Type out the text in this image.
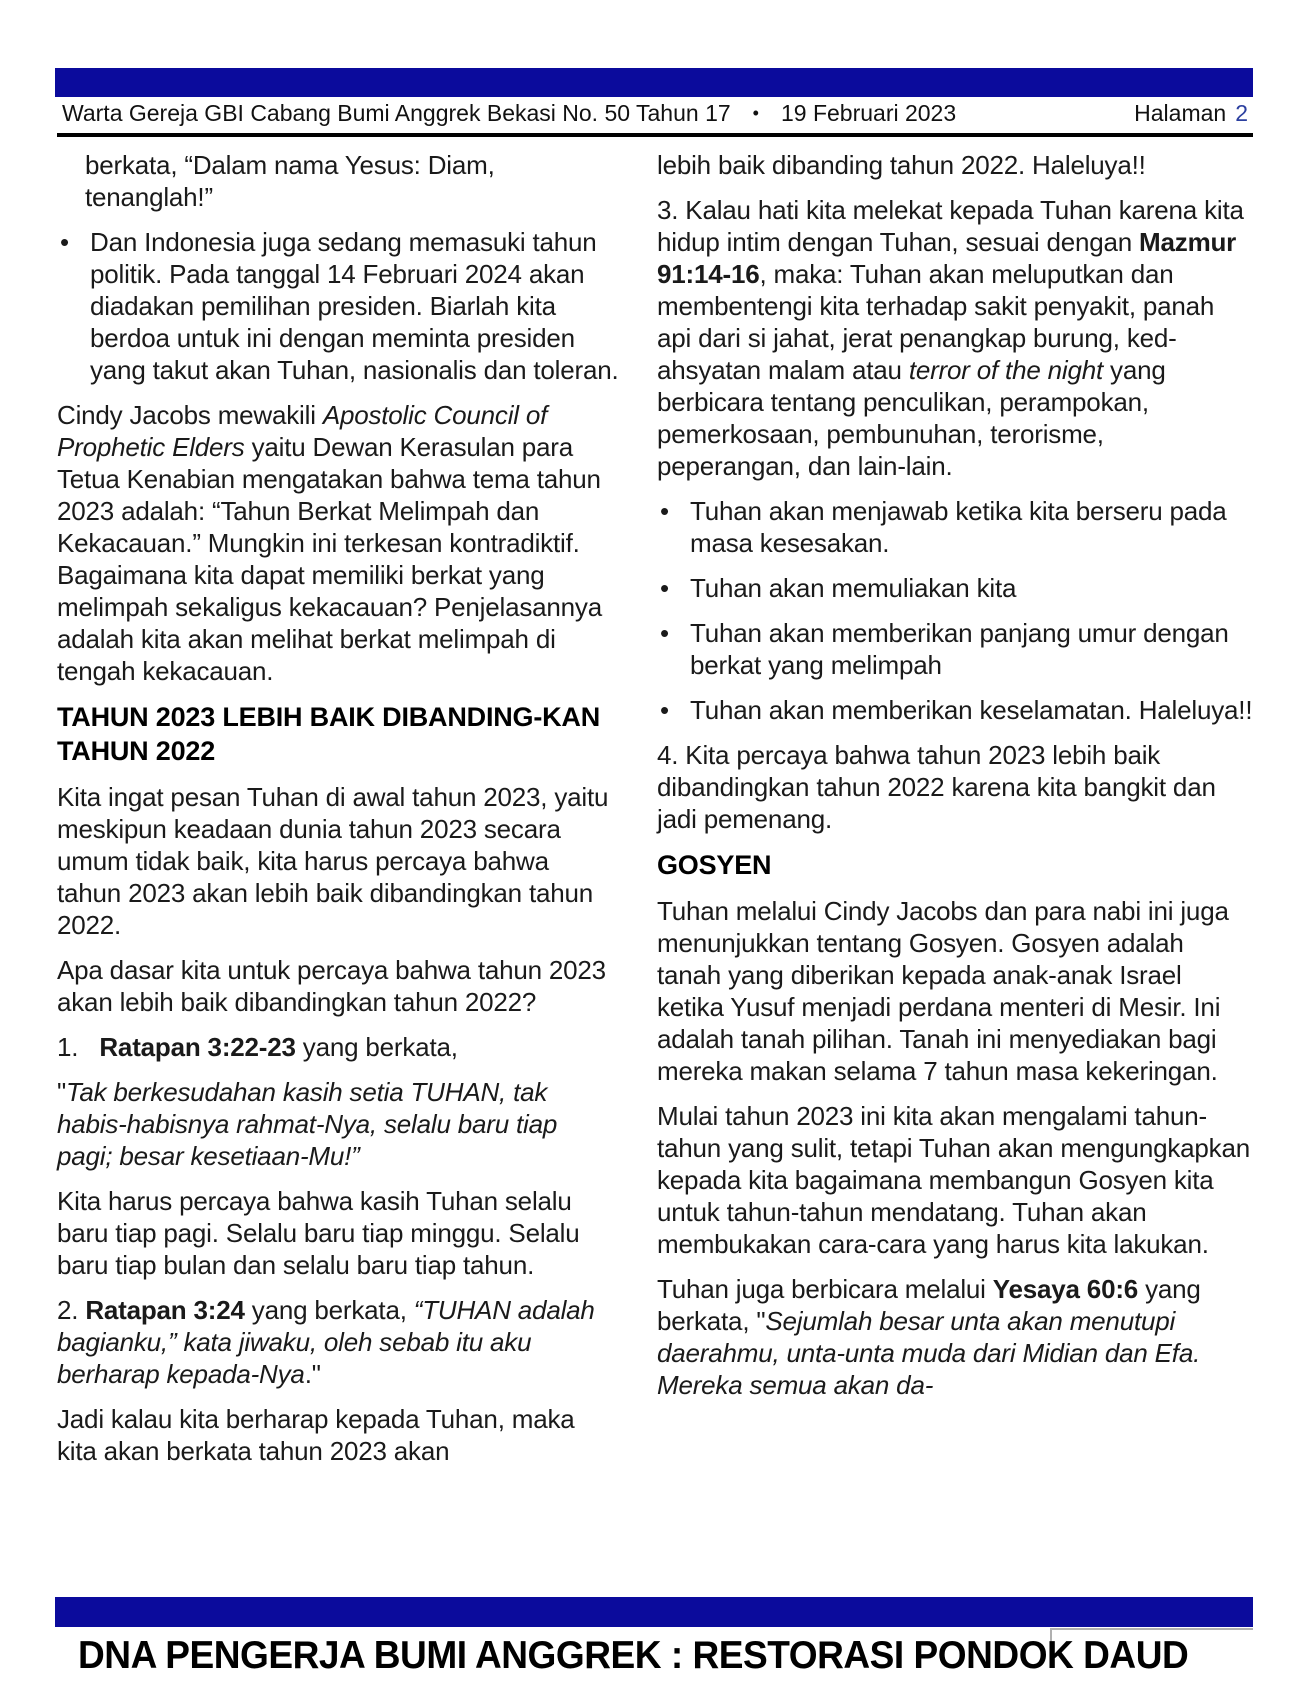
Warta Gereja GBI Cabang Bumi Anggrek Bekasi No. 50 Tahun 17 • 19 Februari 2023	Halaman 2

berkata, “Dalam nama Yesus: Diam, tenanglah!”

• Dan Indonesia juga sedang memasuki tahun politik. Pada tanggal 14 Februari 2024 akan diadakan pemilihan presiden. Biarlah kita berdoa untuk ini dengan meminta presiden yang takut akan Tuhan, nasionalis dan toleran.

Cindy Jacobs mewakili Apostolic Council of Prophetic Elders yaitu Dewan Kerasulan para Tetua Kenabian mengatakan bahwa tema tahun 2023 adalah: “Tahun Berkat Melimpah dan Kekacauan.” Mungkin ini terkesan kontradiktif. Bagaimana kita dapat memiliki berkat yang melimpah sekaligus kekacauan? Penjelasannya adalah kita akan melihat berkat melimpah di tengah kekacauan.

TAHUN 2023 LEBIH BAIK DIBANDING-KAN TAHUN 2022

Kita ingat pesan Tuhan di awal tahun 2023, yaitu meskipun keadaan dunia tahun 2023 secara umum tidak baik, kita harus percaya bahwa tahun 2023 akan lebih baik dibandingkan tahun 2022.

Apa dasar kita untuk percaya bahwa tahun 2023 akan lebih baik dibandingkan tahun 2022?

1.   Ratapan 3:22-23 yang berkata,

"Tak berkesudahan kasih setia TUHAN, tak habis-habisnya rahmat-Nya, selalu baru tiap pagi; besar kesetiaan-Mu!”

Kita harus percaya bahwa kasih Tuhan selalu baru tiap pagi. Selalu baru tiap minggu. Selalu baru tiap bulan dan selalu baru tiap tahun.

2. Ratapan 3:24 yang berkata, “TUHAN adalah bagianku,” kata jiwaku, oleh sebab itu aku berharap kepada-Nya."

Jadi kalau kita berharap kepada Tuhan, maka kita akan berkata tahun 2023 akan

lebih baik dibanding tahun 2022. Haleluya!!

3. Kalau hati kita melekat kepada Tuhan karena kita hidup intim dengan Tuhan, sesuai dengan Mazmur 91:14-16, maka: Tuhan akan meluputkan dan membentengi kita terhadap sakit penyakit, panah api dari si jahat, jerat penangkap burung, kedahsyatan malam atau terror of the night yang berbicara tentang penculikan, perampokan, pemerkosaan, pembunuhan, terorisme, peperangan, dan lain-lain.

• Tuhan akan menjawab ketika kita berseru pada masa kesesakan.
• Tuhan akan memuliakan kita
• Tuhan akan memberikan panjang umur dengan berkat yang melimpah
• Tuhan akan memberikan keselamatan. Haleluya!!

4. Kita percaya bahwa tahun 2023 lebih baik dibandingkan tahun 2022 karena kita bangkit dan jadi pemenang.

GOSYEN

Tuhan melalui Cindy Jacobs dan para nabi ini juga menunjukkan tentang Gosyen. Gosyen adalah tanah yang diberikan kepada anak-anak Israel ketika Yusuf menjadi perdana menteri di Mesir. Ini adalah tanah pilihan. Tanah ini menyediakan bagi mereka makan selama 7 tahun masa kekeringan.

Mulai tahun 2023 ini kita akan mengalami tahun-tahun yang sulit, tetapi Tuhan akan mengungkapkan kepada kita bagaimana membangun Gosyen kita untuk tahun-tahun mendatang. Tuhan akan membukakan cara-cara yang harus kita lakukan.

Tuhan juga berbicara melalui Yesaya 60:6 yang berkata, "Sejumlah besar unta akan menutupi daerahmu, unta-unta muda dari Midian dan Efa. Mereka semua akan da-

DNA PENGERJA BUMI ANGGREK : RESTORASI PONDOK DAUD
